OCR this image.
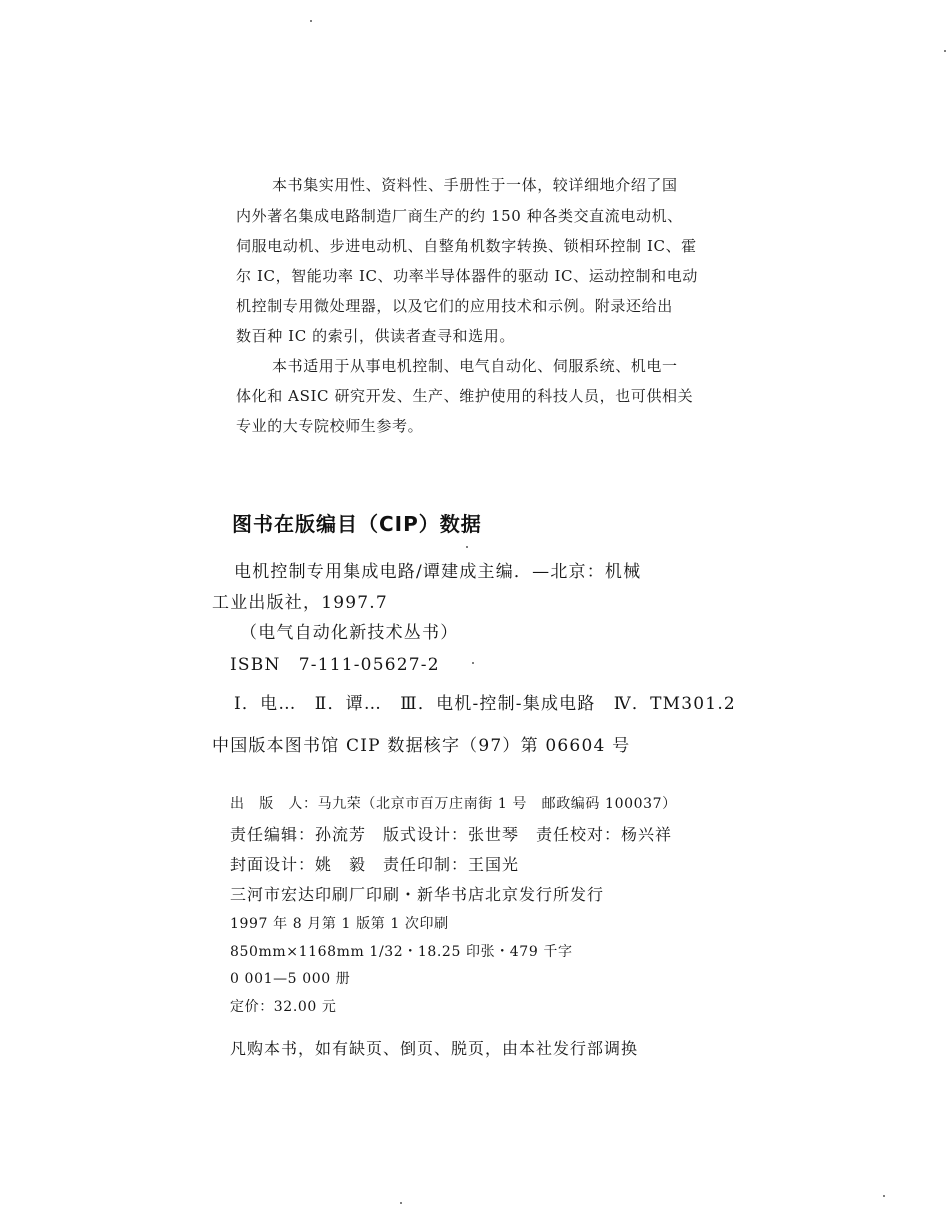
本书集实用性、资料性、手册性于一体，较详细地介绍了国
内外著名集成电路制造厂商生产的约 150 种各类交直流电动机、
伺服电动机、步进电动机、自整角机数字转换、锁相环控制 IC、霍
尔 IC，智能功率 IC、功率半导体器件的驱动 IC、运动控制和电动
机控制专用微处理器，以及它们的应用技术和示例。附录还给出
数百种 IC 的索引，供读者查寻和选用。
本书适用于从事电机控制、电气自动化、伺服系统、机电一
体化和 ASIC 研究开发、生产、维护使用的科技人员，也可供相关
专业的大专院校师生参考。
图书在版编目（CIP）数据
电机控制专用集成电路/谭建成主编．—北京：机械
工业出版社，1997.7
（电气自动化新技术丛书）
ISBN　7-111-05627-2
Ⅰ．电…　Ⅱ．谭…　Ⅲ．电机-控制-集成电路　Ⅳ．TM301.2
中国版本图书馆 CIP 数据核字（97）第 06604 号
出　版　人：马九荣（北京市百万庄南街 1 号　邮政编码 100037）
责任编辑：孙流芳　版式设计：张世琴　责任校对：杨兴祥
封面设计：姚　毅　责任印制：王国光
三河市宏达印刷厂印刷・新华书店北京发行所发行
1997 年 8 月第 1 版第 1 次印刷
850mm×1168mm 1/32・18.25 印张・479 千字
0 001—5 000 册
定价：32.00 元
凡购本书，如有缺页、倒页、脱页，由本社发行部调换
